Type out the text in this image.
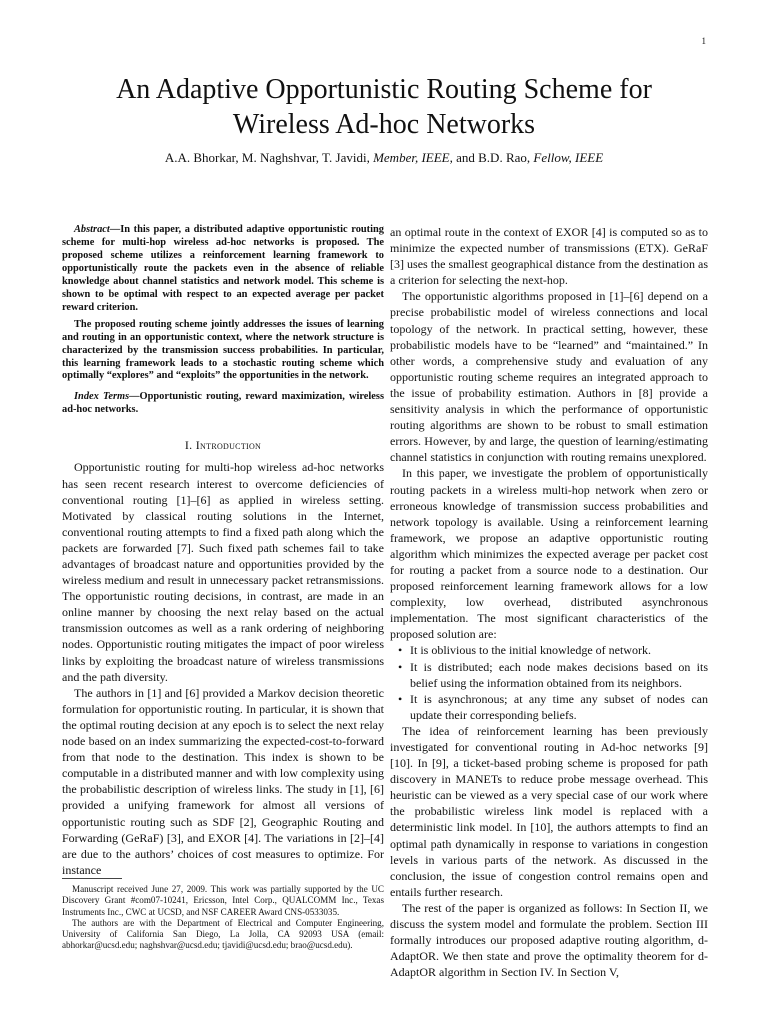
1
An Adaptive Opportunistic Routing Scheme for
Wireless Ad-hoc Networks
A.A. Bhorkar, M. Naghshvar, T. Javidi, Member, IEEE, and B.D. Rao, Fellow, IEEE

Abstract—In this paper, a distributed adaptive opportunistic routing scheme for multi-hop wireless ad-hoc networks is proposed. The proposed scheme utilizes a reinforcement learning framework to opportunistically route the packets even in the absence of reliable knowledge about channel statistics and network model. This scheme is shown to be optimal with respect to an expected average per packet reward criterion.

The proposed routing scheme jointly addresses the issues of learning and routing in an opportunistic context, where the network structure is characterized by the transmission success probabilities. In particular, this learning framework leads to a stochastic routing scheme which optimally “explores” and “exploits” the opportunities in the network.

Index Terms—Opportunistic routing, reward maximization, wireless ad-hoc networks.

I. Introduction

Opportunistic routing for multi-hop wireless ad-hoc networks has seen recent research interest to overcome deficiencies of conventional routing [1]–[6] as applied in wireless setting. Motivated by classical routing solutions in the Internet, conventional routing attempts to find a fixed path along which the packets are forwarded [7]. Such fixed path schemes fail to take advantages of broadcast nature and opportunities provided by the wireless medium and result in unnecessary packet retransmissions. The opportunistic routing decisions, in contrast, are made in an online manner by choosing the next relay based on the actual transmission outcomes as well as a rank ordering of neighboring nodes. Opportunistic routing mitigates the impact of poor wireless links by exploiting the broadcast nature of wireless transmissions and the path diversity.

The authors in [1] and [6] provided a Markov decision theoretic formulation for opportunistic routing. In particular, it is shown that the optimal routing decision at any epoch is to select the next relay node based on an index summarizing the expected-cost-to-forward from that node to the destination. This index is shown to be computable in a distributed manner and with low complexity using the probabilistic description of wireless links. The study in [1], [6] provided a unifying framework for almost all versions of opportunistic routing such as SDF [2], Geographic Routing and Forwarding (GeRaF) [3], and EXOR [4]. The variations in [2]–[4] are due to the authors’ choices of cost measures to optimize. For instance

Manuscript received June 27, 2009. This work was partially supported by the UC Discovery Grant #com07-10241, Ericsson, Intel Corp., QUALCOMM Inc., Texas Instruments Inc., CWC at UCSD, and NSF CAREER Award CNS-0533035.

The authors are with the Department of Electrical and Computer Engineering, University of California San Diego, La Jolla, CA 92093 USA (email: abhorkar@ucsd.edu; naghshvar@ucsd.edu; tjavidi@ucsd.edu; brao@ucsd.edu).

an optimal route in the context of EXOR [4] is computed so as to minimize the expected number of transmissions (ETX). GeRaF [3] uses the smallest geographical distance from the destination as a criterion for selecting the next-hop.

The opportunistic algorithms proposed in [1]–[6] depend on a precise probabilistic model of wireless connections and local topology of the network. In practical setting, however, these probabilistic models have to be “learned” and “maintained.” In other words, a comprehensive study and evaluation of any opportunistic routing scheme requires an integrated approach to the issue of probability estimation. Authors in [8] provide a sensitivity analysis in which the performance of opportunistic routing algorithms are shown to be robust to small estimation errors. However, by and large, the question of learning/estimating channel statistics in conjunction with routing remains unexplored.

In this paper, we investigate the problem of opportunistically routing packets in a wireless multi-hop network when zero or erroneous knowledge of transmission success probabilities and network topology is available. Using a reinforcement learning framework, we propose an adaptive opportunistic routing algorithm which minimizes the expected average per packet cost for routing a packet from a source node to a destination. Our proposed reinforcement learning framework allows for a low complexity, low overhead, distributed asynchronous implementation. The most significant characteristics of the proposed solution are:

• It is oblivious to the initial knowledge of network.
• It is distributed; each node makes decisions based on its belief using the information obtained from its neighbors.
• It is asynchronous; at any time any subset of nodes can update their corresponding beliefs.

The idea of reinforcement learning has been previously investigated for conventional routing in Ad-hoc networks [9] [10]. In [9], a ticket-based probing scheme is proposed for path discovery in MANETs to reduce probe message overhead. This heuristic can be viewed as a very special case of our work where the probabilistic wireless link model is replaced with a deterministic link model. In [10], the authors attempts to find an optimal path dynamically in response to variations in congestion levels in various parts of the network. As discussed in the conclusion, the issue of congestion control remains open and entails further research.

The rest of the paper is organized as follows: In Section II, we discuss the system model and formulate the problem. Section III formally introduces our proposed adaptive routing algorithm, d-AdaptOR. We then state and prove the optimality theorem for d-AdaptOR algorithm in Section IV. In Section V,
